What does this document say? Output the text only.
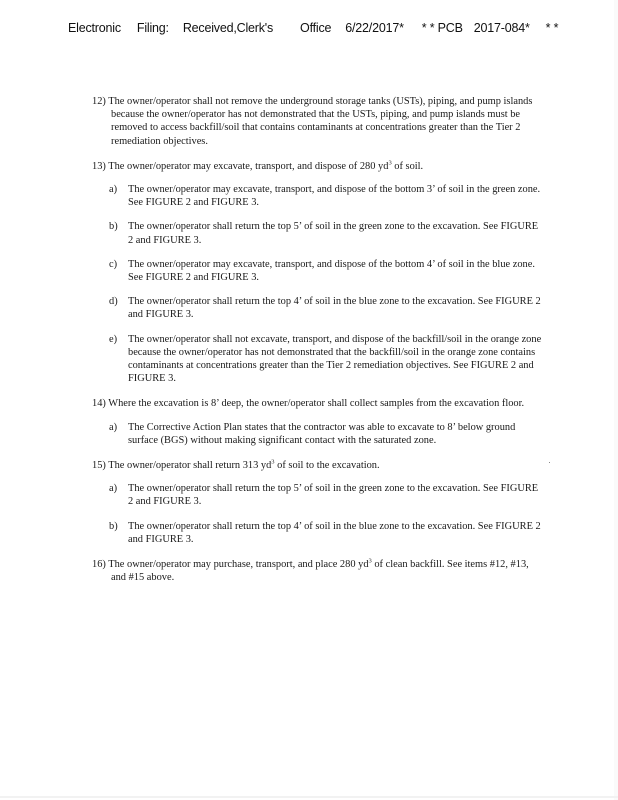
Electronic Filing: Received,Clerk's Office 6/22/2017* * * PCB 2017-084* * *
12) The owner/operator shall not remove the underground storage tanks (USTs), piping, and pump islands because the owner/operator has not demonstrated that the USTs, piping, and pump islands must be removed to access backfill/soil that contains contaminants at concentrations greater than the Tier 2 remediation objectives.
13) The owner/operator may excavate, transport, and dispose of 280 $yd^3$ of soil.
a) The owner/operator may excavate, transport, and dispose of the bottom 3’ of soil in the green zone. See FIGURE 2 and FIGURE 3.
b) The owner/operator shall return the top 5’ of soil in the green zone to the excavation. See FIGURE 2 and FIGURE 3.
c) The owner/operator may excavate, transport, and dispose of the bottom 4’ of soil in the blue zone. See FIGURE 2 and FIGURE 3.
d) The owner/operator shall return the top 4’ of soil in the blue zone to the excavation. See FIGURE 2 and FIGURE 3.
e) The owner/operator shall not excavate, transport, and dispose of the backfill/soil in the orange zone because the owner/operator has not demonstrated that the backfill/soil in the orange zone contains contaminants at concentrations greater than the Tier 2 remediation objectives. See FIGURE 2 and FIGURE 3.
14) Where the excavation is 8’ deep, the owner/operator shall collect samples from the excavation floor.
a) The Corrective Action Plan states that the contractor was able to excavate to 8’ below ground surface (BGS) without making significant contact with the saturated zone.
15) The owner/operator shall return 313 $yd^3$ of soil to the excavation.
a) The owner/operator shall return the top 5’ of soil in the green zone to the excavation. See FIGURE 2 and FIGURE 3.
b) The owner/operator shall return the top 4’ of soil in the blue zone to the excavation. See FIGURE 2 and FIGURE 3.
16) The owner/operator may purchase, transport, and place 280 $yd^3$ of clean backfill. See items #12, #13, and #15 above.
